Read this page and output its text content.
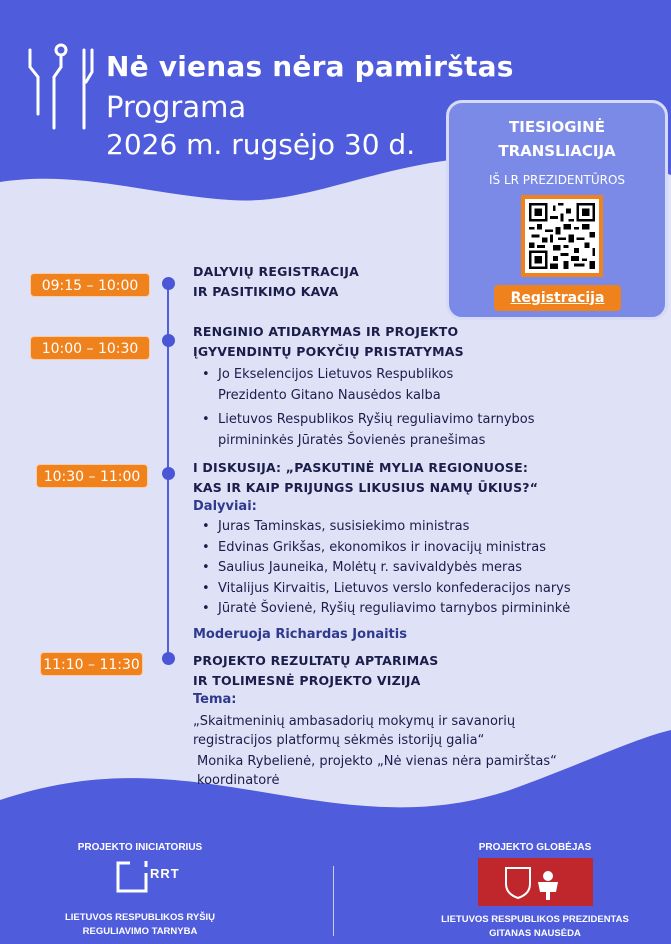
Nė vienas nėra pamirštas
Programa
2026 m. rugsėjo 30 d.
TIESIOGINĖ
TRANSLIACIJA
IŠ LR PREZIDENTŪROS
Registracija
09:15 – 10:00
DALYVIŲ REGISTRACIJA
IR PASITIKIMO KAVA
10:00 – 10:30
RENGINIO ATIDARYMAS IR PROJEKTO
ĮGYVENDINTŲ POKYČIŲ PRISTATYMAS
• Jo Ekselencijos Lietuvos Respublikos
Prezidento Gitano Nausėdos kalba
• Lietuvos Respublikos Ryšių reguliavimo tarnybos
pirmininkės Jūratės Šovienės pranešimas
10:30 – 11:00
I DISKUSIJA: „PASKUTINĖ MYLIA REGIONUOSE:
KAS IR KAIP PRIJUNGS LIKUSIUS NAMŲ ŪKIUS?“
Dalyviai:
• Juras Taminskas, susisiekimo ministras
• Edvinas Grikšas, ekonomikos ir inovacijų ministras
• Saulius Jauneika, Molėtų r. savivaldybės meras
• Vitalijus Kirvaitis, Lietuvos verslo konfederacijos narys
• Jūratė Šovienė, Ryšių reguliavimo tarnybos pirmininkė
Moderuoja Richardas Jonaitis
11:10 – 11:30	PROJEKTO REZULTATŲ APTARIMAS
IR TOLIMESNĖ PROJEKTO VIZIJA
Tema:
„Skaitmeninių ambasadorių mokymų ir savanorių
registracijos platformų sėkmės istorijų galia“
Monika Rybelienė, projekto „Nė vienas nėra pamirštas“
koordinatorė
PROJEKTO INICIATORIUS
RRT
LIETUVOS RESPUBLIKOS RYŠIŲ
REGULIAVIMO TARNYBA
PROJEKTO GLOBĖJAS
LIETUVOS RESPUBLIKOS PREZIDENTAS
GITANAS NAUSĖDA
